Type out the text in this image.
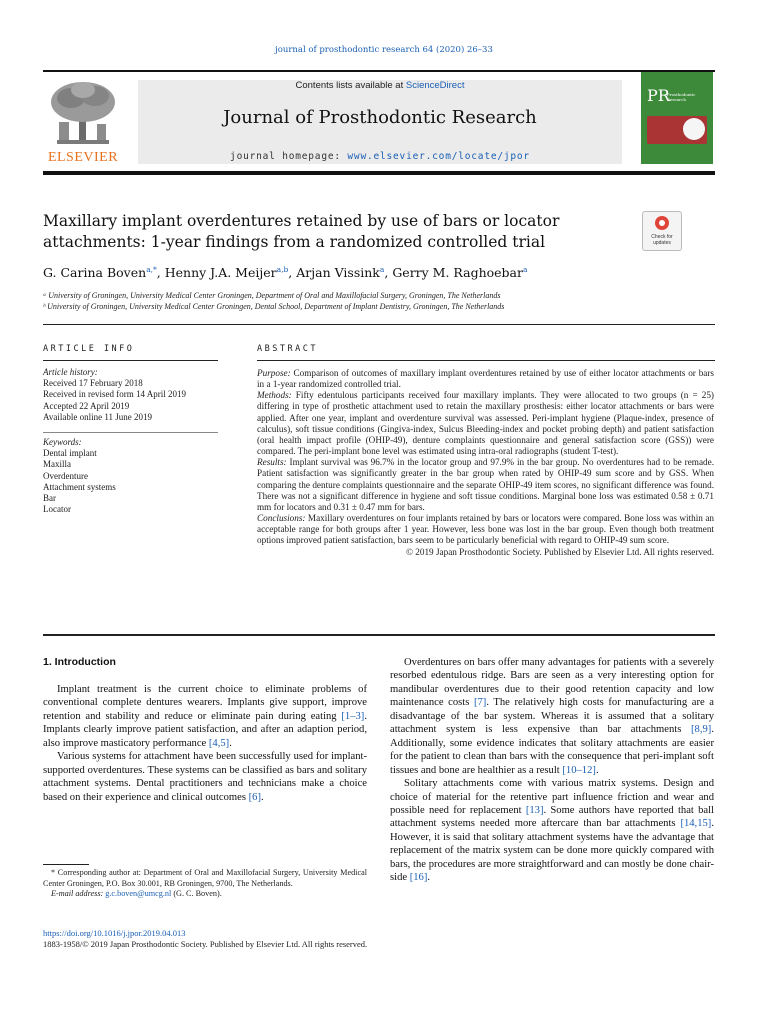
journal of prosthodontic research 64 (2020) 26–33
ELSEVIER
Contents lists available at ScienceDirect
Journal of Prosthodontic Research
journal homepage: www.elsevier.com/locate/jpor
PR
Prosthodontic Research
Maxillary implant overdentures retained by use of bars or locator attachments: 1-year findings from a randomized controlled trial	Check for updates
G. Carina Boven$^{a,*}$, Henny J.A. Meijer$^{a,b}$, Arjan Vissink$^a$, Gerry M. Raghoebar$^a$
ᵃ University of Groningen, University Medical Center Groningen, Department of Oral and Maxillofacial Surgery, Groningen, The Netherlands
ᵇ University of Groningen, University Medical Center Groningen, Dental School, Department of Implant Dentistry, Groningen, The Netherlands
ARTICLE INFO	ABSTRACT
Article history:
Received 17 February 2018
Received in revised form 14 April 2019
Accepted 22 April 2019
Available online 11 June 2019
Keywords:
Dental implant
Maxilla
Overdenture
Attachment systems
Bar
Locator

Purpose: Comparison of outcomes of maxillary implant overdentures retained by use of either locator attachments or bars in a 1-year randomized controlled trial.

Methods: Fifty edentulous participants received four maxillary implants. They were allocated to two groups (n = 25) differing in type of prosthetic attachment used to retain the maxillary prosthesis: either locator attachments or bars were applied. After one year, implant and overdenture survival was assessed. Peri-implant hygiene (Plaque-index, presence of calculus), soft tissue conditions (Gingiva-index, Sulcus Bleeding-index and pocket probing depth) and patient satisfaction (oral health impact profile (OHIP-49), denture complaints questionnaire and general satisfaction score (GSS)) were compared. The peri-implant bone level was estimated using intra-oral radiographs (student T-test).

Results: Implant survival was 96.7% in the locator group and 97.9% in the bar group. No overdentures had to be remade. Patient satisfaction was significantly greater in the bar group when rated by OHIP-49 sum score and by GSS. When comparing the denture complaints questionnaire and the separate OHIP-49 item scores, no significant difference was found. There was not a significant difference in hygiene and soft tissue conditions. Marginal bone loss was estimated 0.58 ± 0.71 mm for locators and 0.31 ± 0.47 mm for bars.

Conclusions: Maxillary overdentures on four implants retained by bars or locators were compared. Bone loss was within an acceptable range for both groups after 1 year. However, less bone was lost in the bar group. Even though both treatment options improved patient satisfaction, bars seem to be particularly beneficial with regard to OHIP-49 sum score.

© 2019 Japan Prosthodontic Society. Published by Elsevier Ltd. All rights reserved.

1. Introduction

Implant treatment is the current choice to eliminate problems of conventional complete dentures wearers. Implants give support, improve retention and stability and reduce or eliminate pain during eating [1–3]. Implants clearly improve patient satisfaction, and after an adaption period, also improve masticatory performance [4,5].

Various systems for attachment have been successfully used for implant-supported overdentures. These systems can be classified as bars and solitary attachment systems. Dental practitioners and technicians make a choice based on their experience and clinical outcomes [6].

Overdentures on bars offer many advantages for patients with a severely resorbed edentulous ridge. Bars are seen as a very interesting option for mandibular overdentures due to their good retention capacity and low maintenance costs [7]. The relatively high costs for manufacturing are a disadvantage of the bar system. Whereas it is assumed that a solitary attachment system is less expensive than bar attachments [8,9]. Additionally, some evidence indicates that solitary attachments are easier for the patient to clean than bars with the consequence that peri-implant soft tissues and bone are healthier as a result [10–12].

Solitary attachments come with various matrix systems. Design and choice of material for the retentive part influence friction and wear and possible need for replacement [13]. Some authors have reported that ball attachment systems needed more aftercare than bar attachments [14,15]. However, it is said that solitary attachment systems have the advantage that replacement of the matrix system can be done more quickly compared with bars, the procedures are more straightforward and can mostly be done chair-side [16].

* Corresponding author at: Department of Oral and Maxillofacial Surgery, University Medical Center Groningen, P.O. Box 30.001, RB Groningen, 9700, The Netherlands.

E-mail address: g.c.boven@umcg.nl (G. C. Boven).

https://doi.org/10.1016/j.jpor.2019.04.013
1883-1958/© 2019 Japan Prosthodontic Society. Published by Elsevier Ltd. All rights reserved.
